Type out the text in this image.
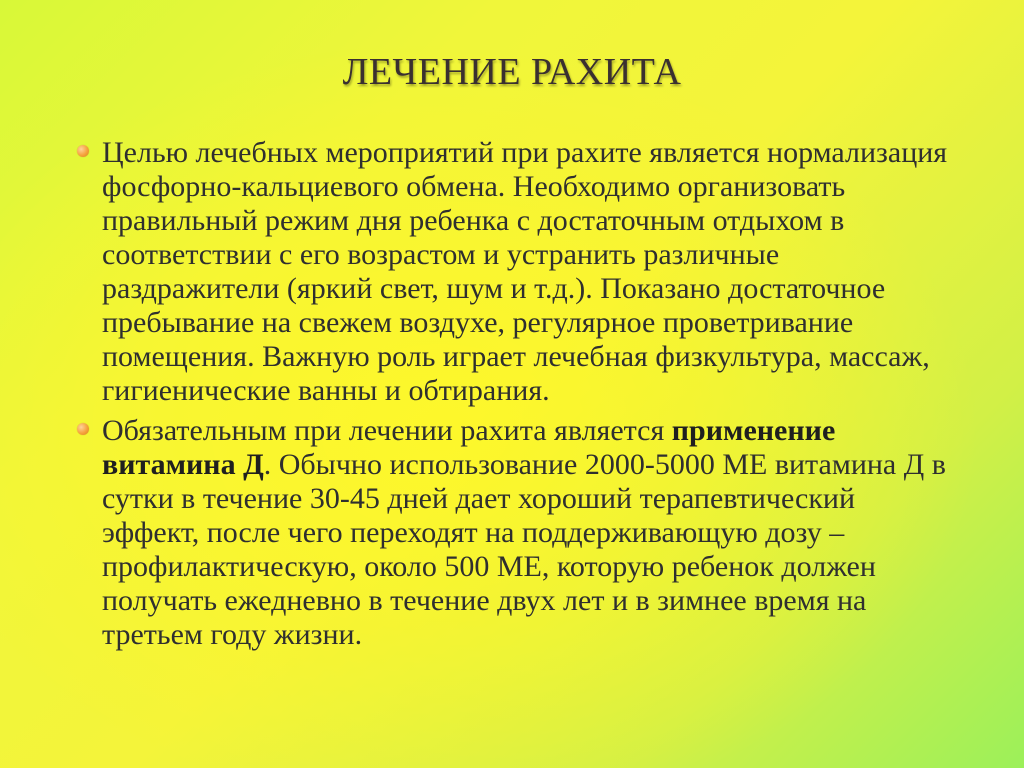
ЛЕЧЕНИЕ РАХИТА
Целью лечебных мероприятий при рахите является нормализация фосфорно-кальциевого обмена. Необходимо организовать правильный режим дня ребенка с достаточным отдыхом в соответствии с его возрастом и устранить различные раздражители (яркий свет, шум и т.д.). Показано достаточное пребывание на свежем воздухе, регулярное проветривание помещения. Важную роль играет лечебная физкультура, массаж, гигиенические ванны и обтирания.
Обязательным при лечении рахита является применение витамина Д. Обычно использование 2000-5000 МЕ витамина Д в сутки в течение 30-45 дней дает хороший терапевтический эффект, после чего переходят на поддерживающую дозу – профилактическую, около 500 МЕ, которую ребенок должен получать ежедневно в течение двух лет и в зимнее время на третьем году жизни.
